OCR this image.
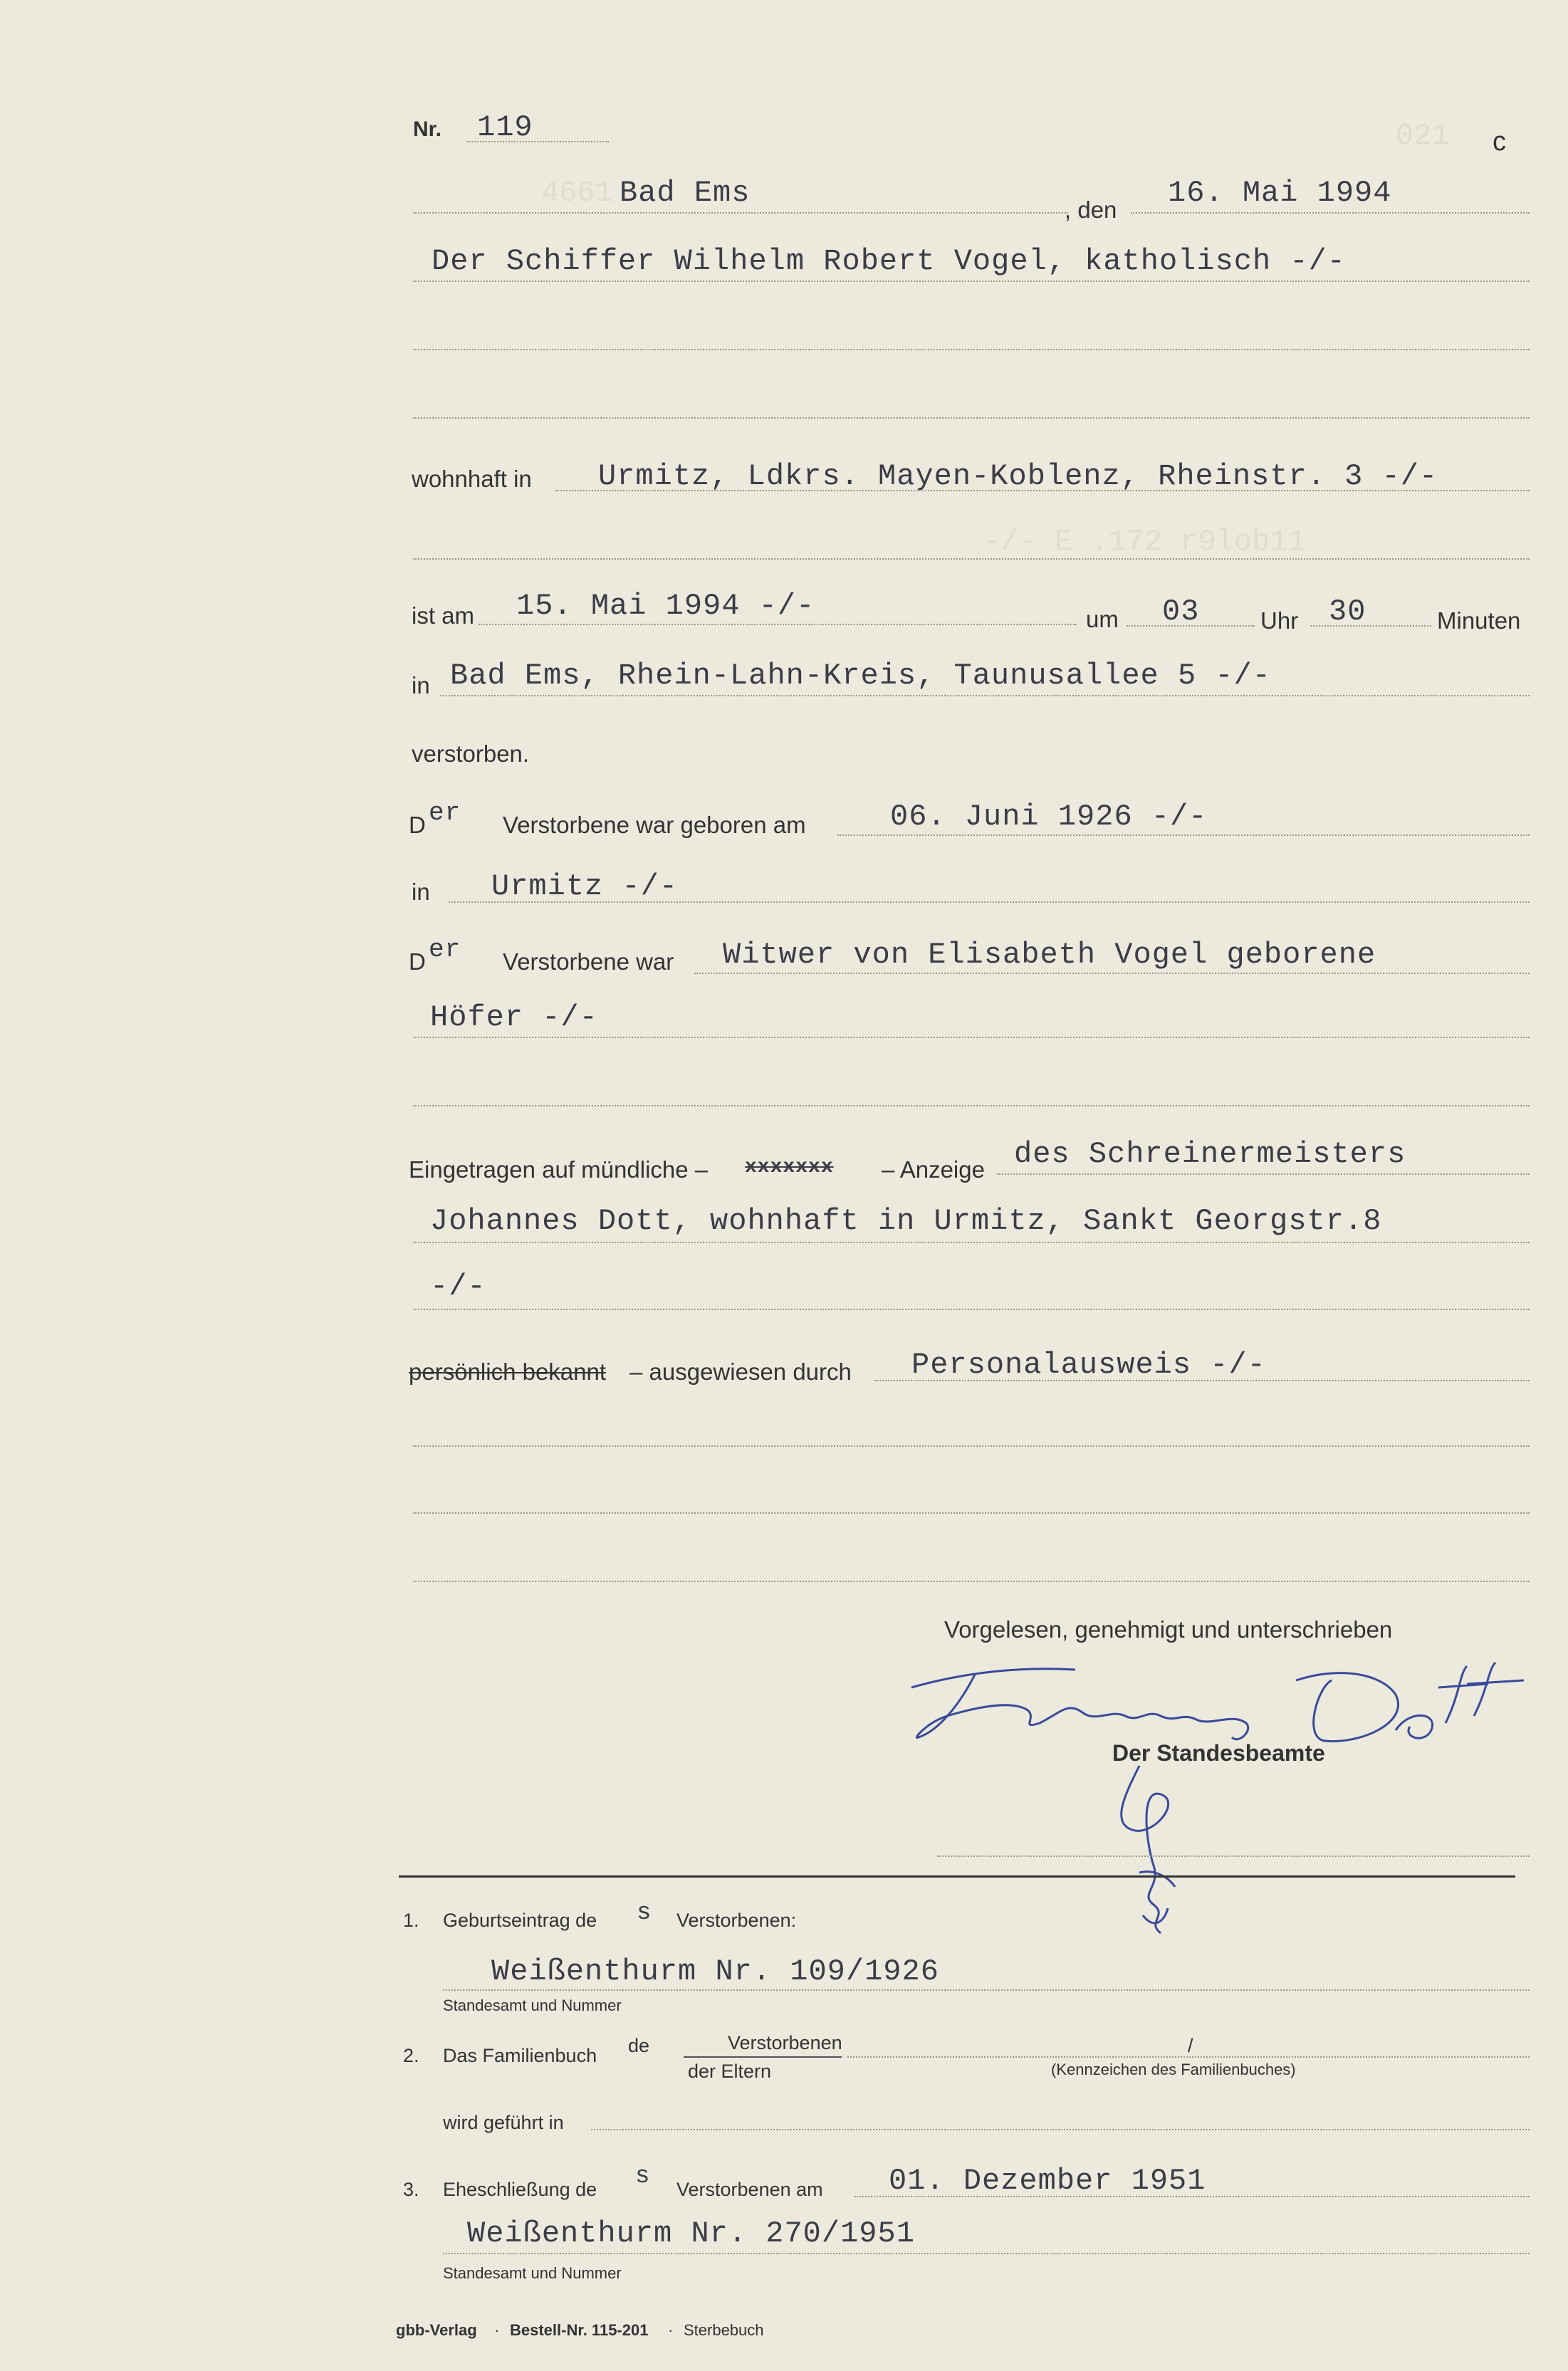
021
4661
-/- E .172 r9lob11
Nr. 119	c
Bad Ems	, den 16. Mai 1994
Der Schiffer Wilhelm Robert Vogel, katholisch -/-
wohnhaft in Urmitz, Ldkrs. Mayen-Koblenz, Rheinstr. 3 -/-
ist am 15. Mai 1994 -/-	um 03	Uhr 30	Minuten
in Bad Ems, Rhein-Lahn-Kreis, Taunusallee 5 -/-
verstorben.
D er Verstorbene war geboren am	06. Juni 1926 -/-
in Urmitz -/-
D er Verstorbene war Witwer von Elisabeth Vogel geborene
Höfer -/-
Eingetragen auf mündliche – xxxxxxx – Anzeige des Schreinermeisters
Johannes Dott, wohnhaft in Urmitz, Sankt Georgstr.8
-/-
persönlich bekannt – ausgewiesen durch Personalausweis -/-
Vorgelesen, genehmigt und unterschrieben
Der Standesbeamte
1. Geburtseintrag de s Verstorbenen:
Weißenthurm Nr. 109/1926
Standesamt und Nummer
2. Das Familienbuch de	Verstorbenen
der Eltern
/
(Kennzeichen des Familienbuches)
wird geführt in
3. Eheschließung de s Verstorbenen am 01. Dezember 1951
Weißenthurm Nr. 270/1951
Standesamt und Nummer
gbb-Verlag · Bestell-Nr. 115-201 · Sterbebuch
